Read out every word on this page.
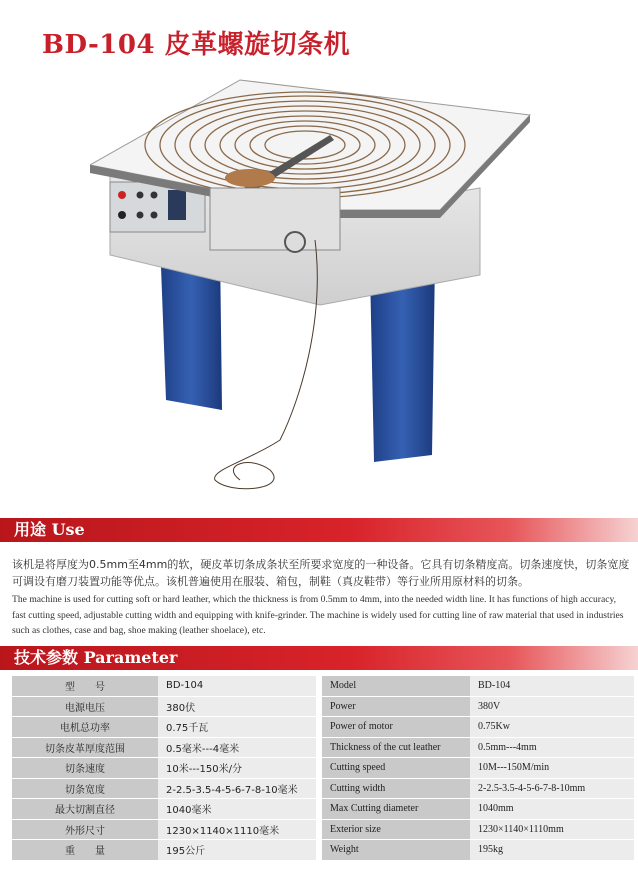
BD-104 皮革螺旋切条机
用途 Use
该机是将厚度为0.5mm至4mm的软，硬皮革切条成条状至所要求宽度的一种设备。它具有切条精度高。切条速度快，切条宽度可调设有磨刀装置功能等优点。该机普遍使用在服装、箱包，制鞋（真皮鞋带）等行业所用原材料的切条。
The machine is used for cutting soft or hard leather, which the thickness is from 0.5mm to 4mm, into the needed width line. It has functions of high accuracy, fast cutting speed, adjustable cutting width and equipping with knife-grinder. The machine is widely used for cutting line of raw material that used in industries such as clothes, case and bag, shoe making (leather shoelace), etc.
技术参数 Parameter
型　　号	BD-104		Model	BD-104
电源电压	380伏		Power	380V
电机总功率	0.75千瓦		Power of motor	0.75Kw
切条皮革厚度范围	0.5毫米---4毫米		Thickness of the cut leather	0.5mm---4mm
切条速度	10米---150米/分		Cutting speed	10M---150M/min
切条宽度	2-2.5-3.5-4-5-6-7-8-10毫米		Cutting width	2-2.5-3.5-4-5-6-7-8-10mm
最大切割直径	1040毫米		Max Cutting diameter	1040mm
外形尺寸	1230×1140×1110毫米		Exterior size	1230×1140×1110mm
重　　量	195公斤		Weight	195kg
